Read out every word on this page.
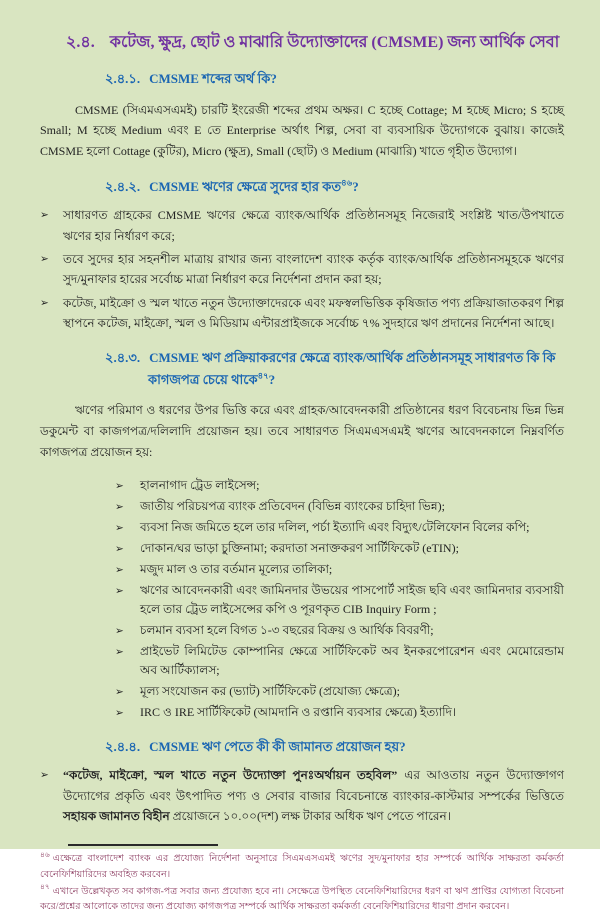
২.৪. কটেজ, ক্ষুদ্র, ছোট ও মাঝারি উদ্যোক্তাদের (CMSME) জন্য আর্থিক সেবা
২.৪.১. CMSME শব্দের অর্থ কি?

CMSME (সিএমএসএমই) চারটি ইংরেজী শব্দের প্রথম অক্ষর। C হচ্ছে Cottage; M হচ্ছে Micro; S হচ্ছে Small; M হচ্ছে Medium এবং E তে Enterprise অর্থাৎ শিল্প, সেবা বা ব্যবসায়িক উদ্যোগকে বুঝায়। কাজেই CMSME হলো Cottage (কুটির), Micro (ক্ষুদ্র), Small (ছোট) ও Medium (মাঝারি) খাতে গৃহীত উদ্যোগ।

২.৪.২. CMSME ঋণের ক্ষেত্রে সুদের হার কত$^{৪৬}$?
➢	সাধারণত গ্রাহকের CMSME ঋণের ক্ষেত্রে ব্যাংক/আর্থিক প্রতিষ্ঠানসমূহ নিজেরাই সংশ্লিষ্ট খাত/উপখাতে ঋণের হার নির্ধারণ করে;
➢	তবে সুদের হার সহনশীল মাত্রায় রাখার জন্য বাংলাদেশ ব্যাংক কর্তৃক ব্যাংক/আর্থিক প্রতিষ্ঠানসমূহকে ঋণের সুদ/মুনাফার হারের সর্বোচ্চ মাত্রা নির্ধারণ করে নির্দেশনা প্রদান করা হয়;
➢	কটেজ, মাইক্রো ও স্মল খাতে নতুন উদ্যোক্তাদেরকে এবং মফস্বলভিত্তিক কৃষিজাত পণ্য প্রক্রিয়াজাতকরণ শিল্প স্থাপনে কটেজ, মাইক্রো, স্মল ও মিডিয়াম এন্টারপ্রাইজকে সর্বোচ্চ ৭% সুদহারে ঋণ প্রদানের নির্দেশনা আছে।
২.৪.৩. CMSME ঋণ প্রক্রিয়াকরণের ক্ষেত্রে ব্যাংক/আর্থিক প্রতিষ্ঠানসমূহ সাধারণত কি কি কাগজপত্র চেয়ে থাকে$^{৪৭}$?

ঋণের পরিমাণ ও ধরণের উপর ভিত্তি করে এবং গ্রাহক/আবেদনকারী প্রতিষ্ঠানের ধরণ বিবেচনায় ভিন্ন ভিন্ন ডকুমেন্ট বা কাজগপত্র/দলিলাদি প্রয়োজন হয়। তবে সাধারণত সিএমএসএমই ঋণের আবেদনকালে নিম্নবর্ণিত কাগজপত্র প্রয়োজন হয়:

➢	হালনাগাদ ট্রেড লাইসেন্স;
➢	জাতীয় পরিচয়পত্র ব্যাংক প্রতিবেদন (বিভিন্ন ব্যাংকের চাহিদা ভিন্ন);
➢	ব্যবসা নিজ জমিতে হলে তার দলিল, পর্চা ইত্যাদি এবং বিদ্যুৎ/টেলিফোন বিলের কপি;
➢	দোকান/ঘর ভাড়া চুক্তিনামা; করদাতা সনাক্তকরণ সার্টিফিকেট (eTIN);
➢	মজুদ মাল ও তার বর্তমান মূল্যের তালিকা;
➢	ঋণের আবেদনকারী এবং জামিনদার উভয়ের পাসপোর্ট সাইজ ছবি এবং জামিনদার ব্যবসায়ী হলে তার ট্রেড লাইসেন্সের কপি ও পূরণকৃত CIB Inquiry Form ;
➢	চলমান ব্যবসা হলে বিগত ১-৩ বছরের বিক্রয় ও আর্থিক বিবরণী;
➢	প্রাইভেট লিমিটেড কোম্পানির ক্ষেত্রে সার্টিফিকেট অব ইনকরপোরেশন এবং মেমোরেন্ডাম অব আর্টিক্যালস;
➢	মূল্য সংযোজন কর (ভ্যাট) সার্টিফিকেট (প্রযোজ্য ক্ষেত্রে);
➢	IRC ও IRE সার্টিফিকেট (আমদানি ও রপ্তানি ব্যবসার ক্ষেত্রে) ইত্যাদি।
২.৪.৪. CMSME ঋণ পেতে কী কী জামানত প্রয়োজন হয়?
➢	“কটেজ, মাইক্রো, স্মল খাতে নতুন উদ্যোক্তা পুনঃঅর্থায়ন তহবিল” এর আওতায় নতুন উদ্যোক্তাগণ উদ্যোগের প্রকৃতি এবং উৎপাদিত পণ্য ও সেবার বাজার বিবেচনান্তে ব্যাংকার-কাস্টমার সম্পর্কের ভিত্তিতে সহায়ক জামানত বিহীন প্রয়োজনে ১০.০০(দশ) লক্ষ টাকার অধিক ঋণ পেতে পারেন।
$^{৪৬}$ এক্ষেত্রে বাংলাদেশ ব্যাংক এর প্রযোজ্য নির্দেশনা অনুসারে সিএমএসএমই ঋণের সুদ/মুনাফার হার সম্পর্কে আর্থিক সাক্ষরতা কর্মকর্তা বেনেফিশিয়ারিদের অবহিত করবেন।
$^{৪৭}$ এখানে উল্লেখকৃত সব কাগজ-পত্র সবার জন্য প্রযোজ্য হবে না। সেক্ষেত্রে উপস্থিত বেনেফিশিয়ারিদের ধরণ বা ঋণ প্রাপ্তির যোগ্যতা বিবেচনা করে/প্রশ্নের আলোকে তাদের জন্য প্রযোজ্য কাগজপত্র সম্পর্কে আর্থিক সাক্ষরতা কর্মকর্তা বেনেফিশিয়ারিদের ধারণা প্রদান করবেন।
